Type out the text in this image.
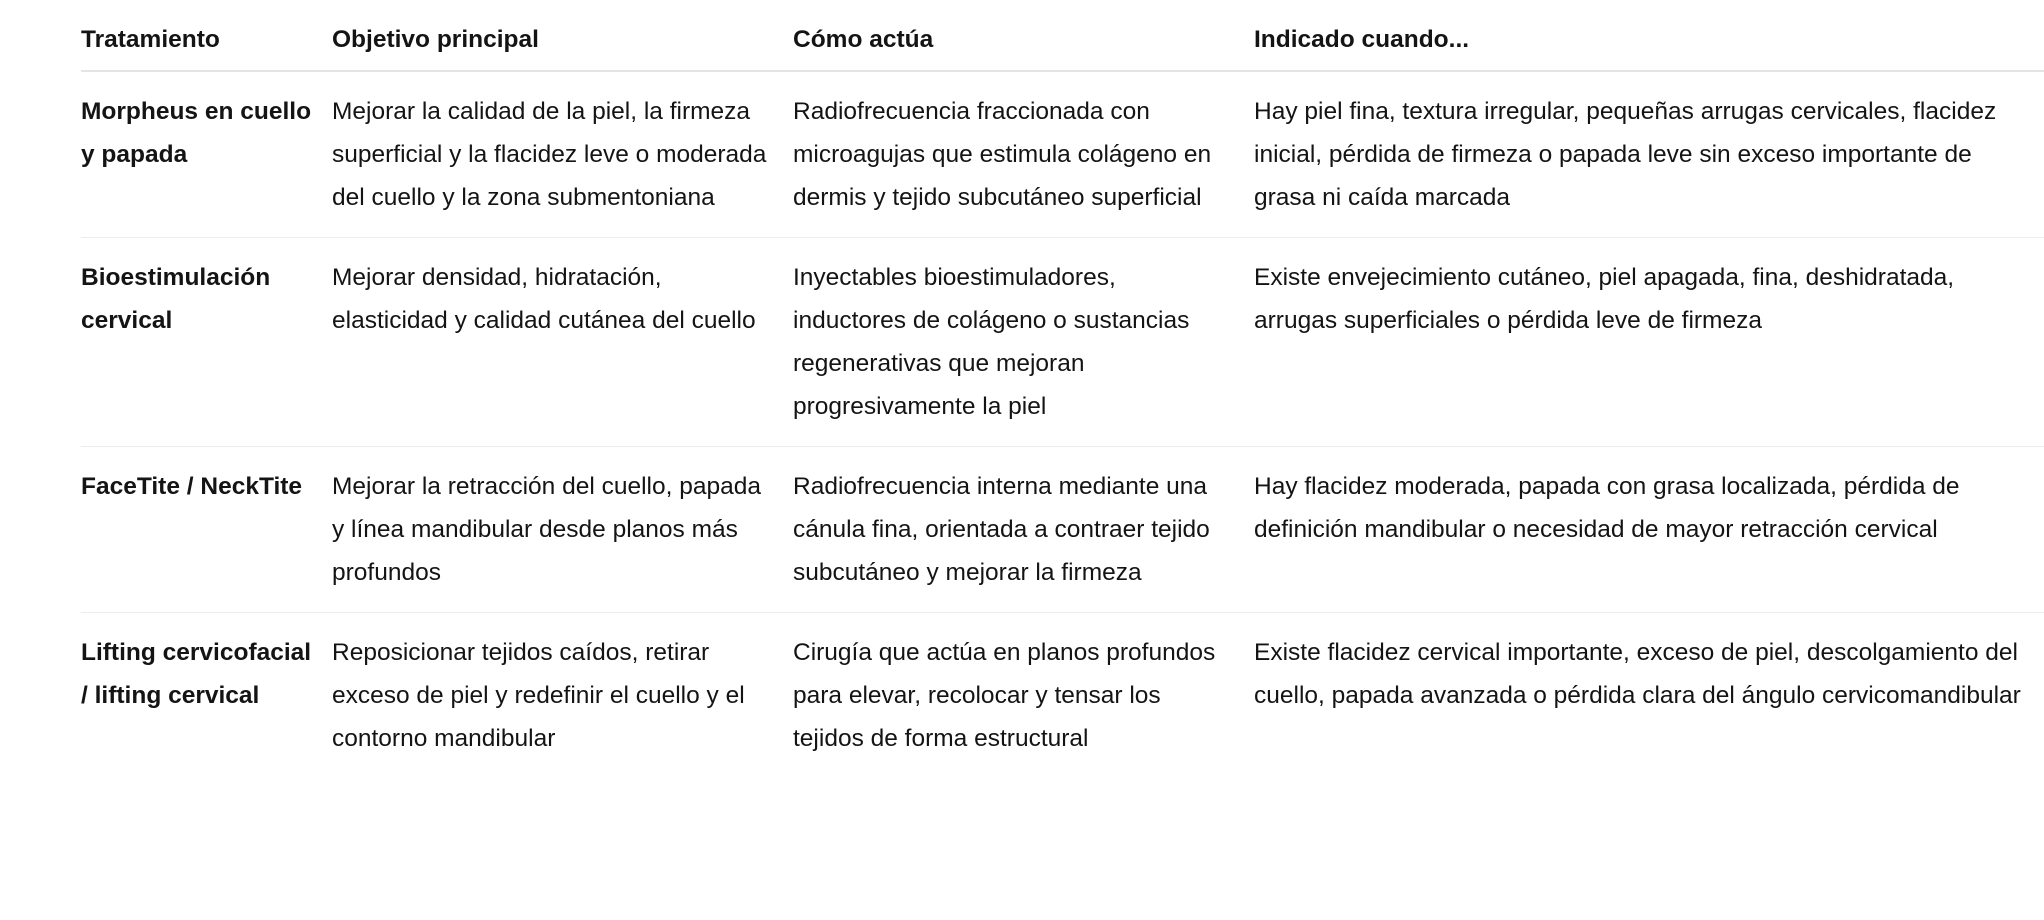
Tratamiento	Objetivo principal	Cómo actúa	Indicado cuando...
Morpheus en cuello y papada	Mejorar la calidad de la piel, la firmeza superficial y la flacidez leve o moderada del cuello y la zona submentoniana	Radiofrecuencia fraccionada con microagujas que estimula colágeno en dermis y tejido subcutáneo superficial	Hay piel fina, textura irregular, pequeñas arrugas cervicales, flacidez inicial, pérdida de firmeza o papada leve sin exceso importante de grasa ni caída marcada
Bioestimulación cervical	Mejorar densidad, hidratación, elasticidad y calidad cutánea del cuello	Inyectables bioestimuladores, inductores de colágeno o sustancias regenerativas que mejoran progresivamente la piel	Existe envejecimiento cutáneo, piel apagada, fina, deshidratada, arrugas superficiales o pérdida leve de firmeza
FaceTite / NeckTite	Mejorar la retracción del cuello, papada y línea mandibular desde planos más profundos	Radiofrecuencia interna mediante una cánula fina, orientada a contraer tejido subcutáneo y mejorar la firmeza	Hay flacidez moderada, papada con grasa localizada, pérdida de definición mandibular o necesidad de mayor retracción cervical
Lifting cervicofacial / lifting cervical	Reposicionar tejidos caídos, retirar exceso de piel y redefinir el cuello y el contorno mandibular	Cirugía que actúa en planos profundos para elevar, recolocar y tensar los tejidos de forma estructural	Existe flacidez cervical importante, exceso de piel, descolgamiento del cuello, papada avanzada o pérdida clara del ángulo cervicomandibular
